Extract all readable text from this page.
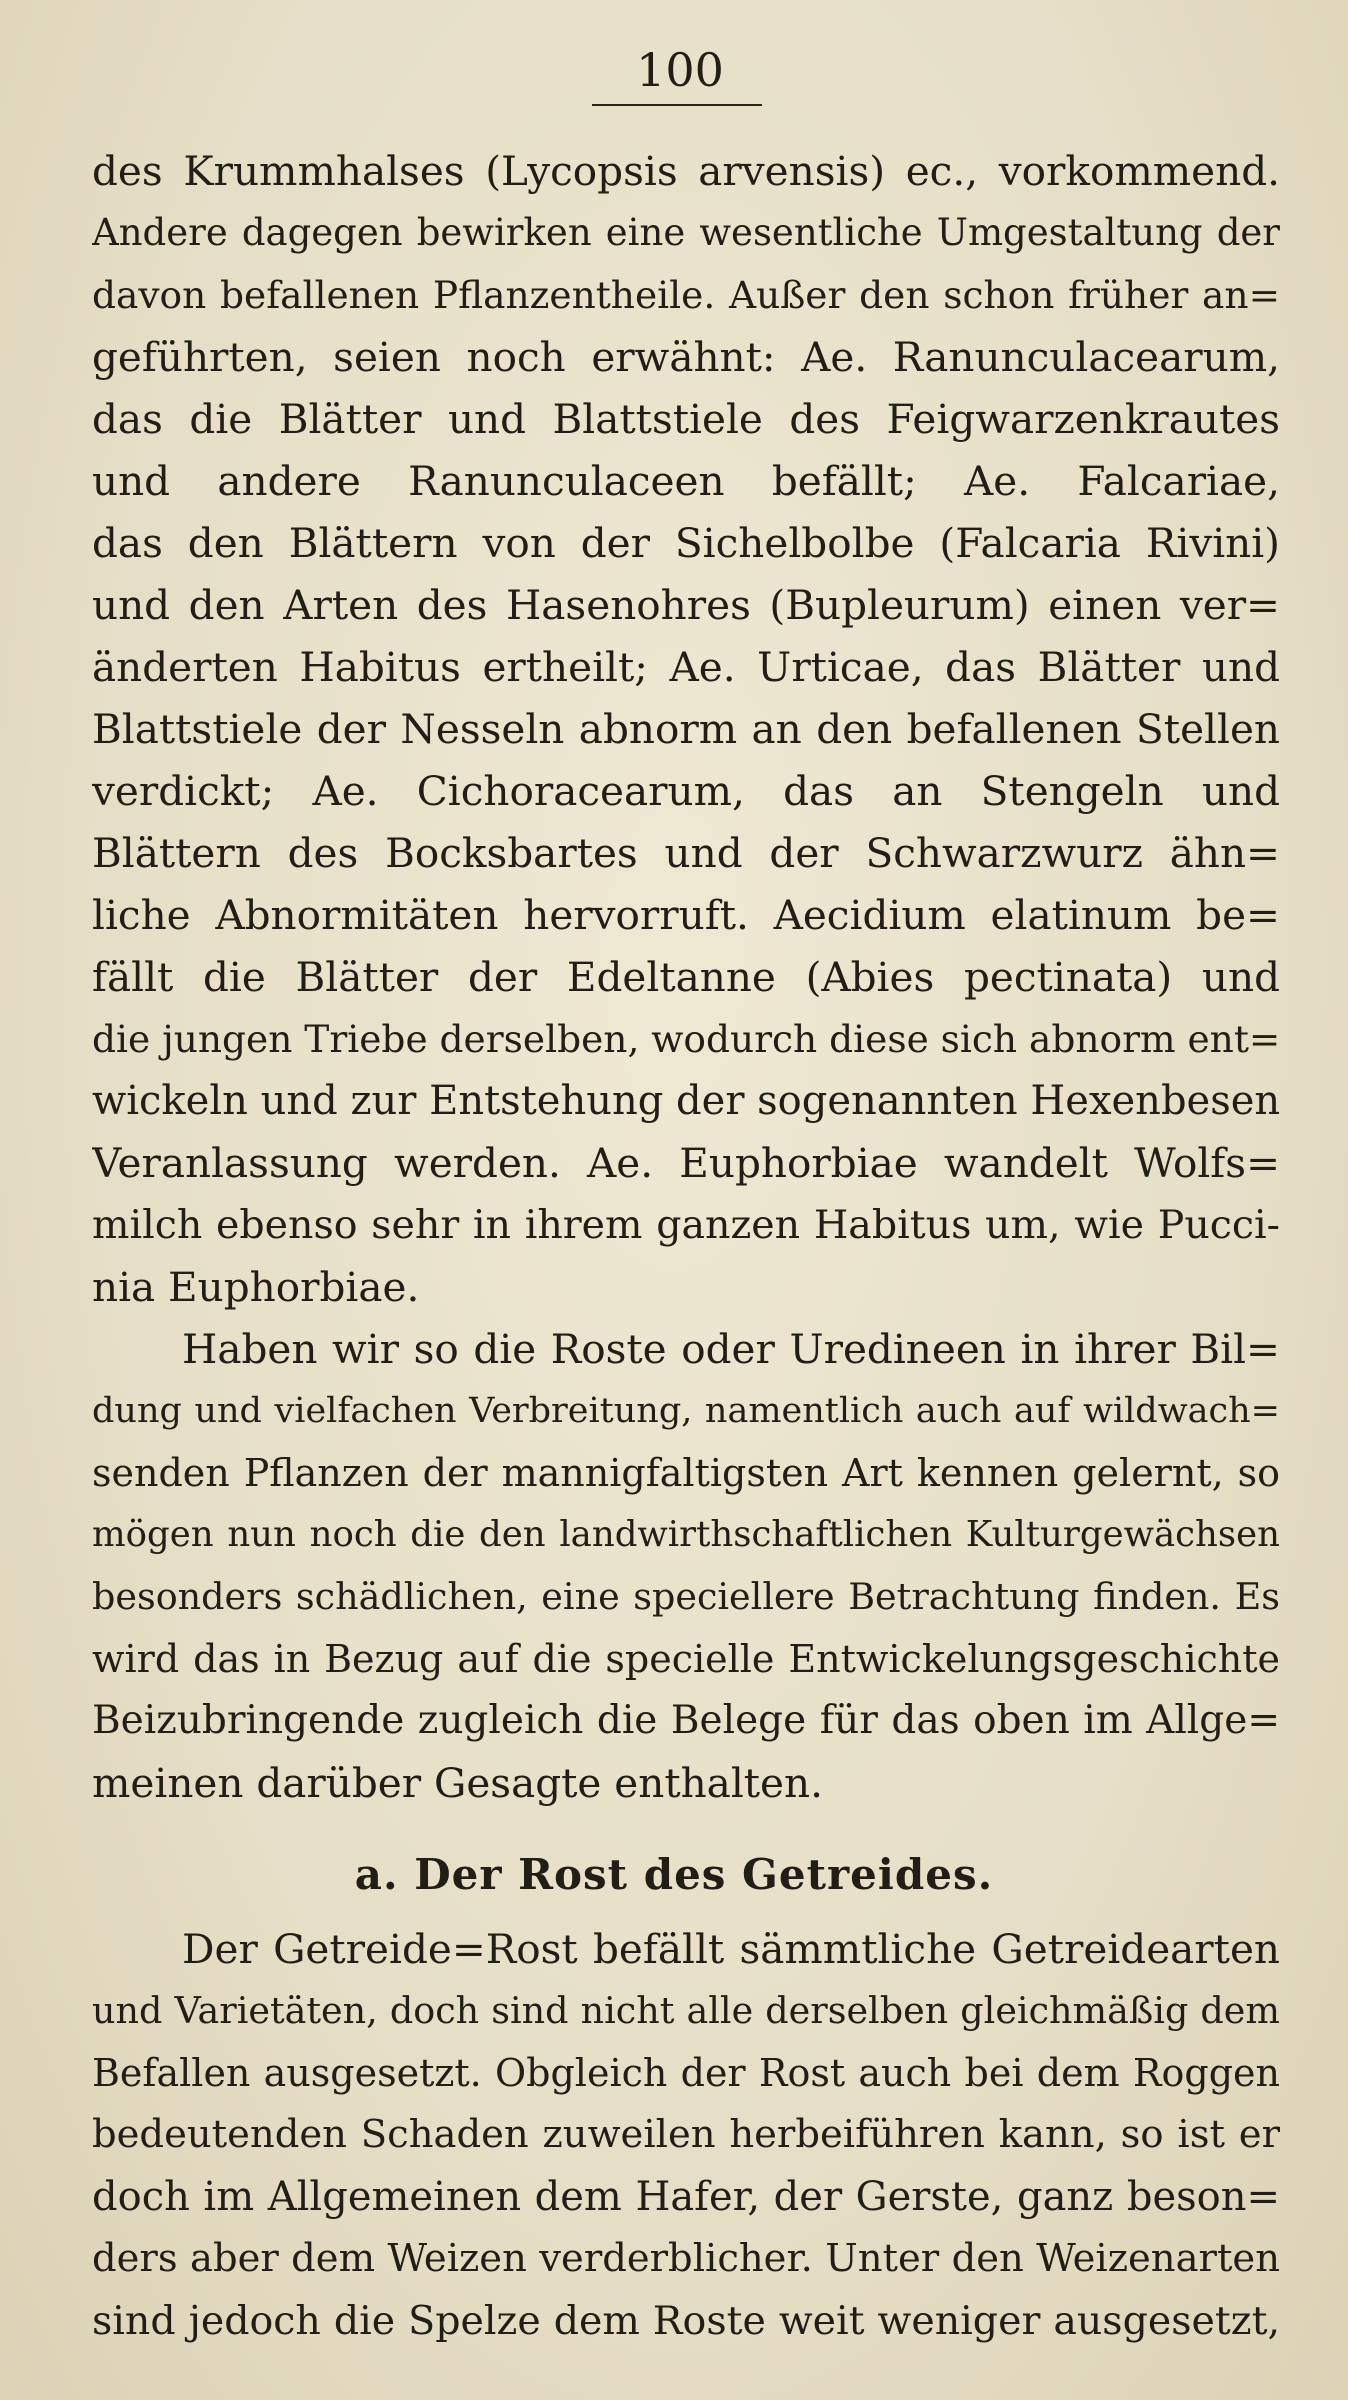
100
des Krummhalses (Lycopsis arvensis) ec., vorkommend.
Andere dagegen bewirken eine wesentliche Umgestaltung der
davon befallenen Pflanzentheile. Außer den schon früher an=
geführten, seien noch erwähnt: Ae. Ranunculacearum,
das die Blätter und Blattstiele des Feigwarzenkrautes
und andere Ranunculaceen befällt; Ae. Falcariae,
das den Blättern von der Sichelbolbe (Falcaria Rivini)
und den Arten des Hasenohres (Bupleurum) einen ver=
änderten Habitus ertheilt; Ae. Urticae, das Blätter und
Blattstiele der Nesseln abnorm an den befallenen Stellen
verdickt; Ae. Cichoracearum, das an Stengeln und
Blättern des Bocksbartes und der Schwarzwurz ähn=
liche Abnormitäten hervorruft. Aecidium elatinum be=
fällt die Blätter der Edeltanne (Abies pectinata) und
die jungen Triebe derselben, wodurch diese sich abnorm ent=
wickeln und zur Entstehung der sogenannten Hexenbesen
Veranlassung werden. Ae. Euphorbiae wandelt Wolfs=
milch ebenso sehr in ihrem ganzen Habitus um, wie Pucci-
nia Euphorbiae.
Haben wir so die Roste oder Uredineen in ihrer Bil=
dung und vielfachen Verbreitung, namentlich auch auf wildwach=
senden Pflanzen der mannigfaltigsten Art kennen gelernt, so
mögen nun noch die den landwirthschaftlichen Kulturgewächsen
besonders schädlichen, eine speciellere Betrachtung finden. Es
wird das in Bezug auf die specielle Entwickelungsgeschichte
Beizubringende zugleich die Belege für das oben im Allge=
meinen darüber Gesagte enthalten.
a. Der Rost des Getreides.
Der Getreide=Rost befällt sämmtliche Getreidearten
und Varietäten, doch sind nicht alle derselben gleichmäßig dem
Befallen ausgesetzt. Obgleich der Rost auch bei dem Roggen
bedeutenden Schaden zuweilen herbeiführen kann, so ist er
doch im Allgemeinen dem Hafer, der Gerste, ganz beson=
ders aber dem Weizen verderblicher. Unter den Weizenarten
sind jedoch die Spelze dem Roste weit weniger ausgesetzt,
